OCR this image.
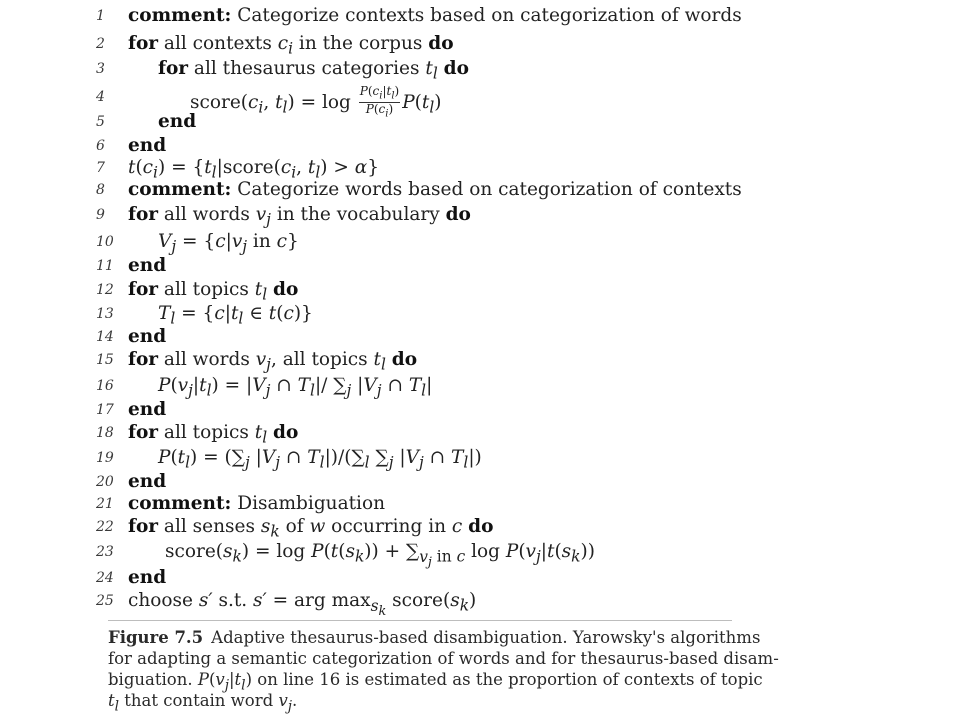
1	comment: Categorize contexts based on categorization of words
2	for all contexts $c_i$ in the corpus do
3	for all thesaurus categories $t_l$ do
4	$score(c_i$, $t_l) = \log \frac{P(c_i|t_l)}{P(c_i)} P(t_l)$
5	end
6	end
7	$t(c_i)$ = {$t_l|score(c_i$, $t_l) > \alpha$}
8	comment: Categorize words based on categorization of contexts
9	for all words $v_j$ in the vocabulary do
10	$V_j = \{c|v_j$ in c}
11 end
12 for all topics $t_l$ do
13	$T_l = \{c|t_l$ ∈ t(c)}
14 end
15 for all words $v_j$, all topics $t_l$ do
16	$P(v_j|t_l) = |V_j$ ∩ $T_l|/$ $\sum_j$ $|V_j$ ∩ $T_l|$
17 end
18 for all topics $t_l$ do
19	$P(t_l) = (\sum_j$ $|V_j$ ∩ $T_l|)/(\sum_l$ $\sum_j$ $|V_j$ ∩ $T_l|$)
20 end
21 comment: Disambiguation
22 for all senses $s_k$ of w occurring in c do
23	$score(s_k) = \log P(t(s_k)) + \sum_{v_j in c}$ $\log P(v_j|t(s_k))$
24 end
25 choose s′ s.t. s′ = arg $\max_{s_k}$ $score(s_k)$
Figure 7.5 Adaptive thesaurus-based disambiguation. Yarowsky's algorithms
for adapting a semantic categorization of words and for thesaurus-based disam-
biguation. $P(v_j|t_l)$ on line 16 is estimated as the proportion of contexts of topic
$t_l$ that contain word $v_j$.
